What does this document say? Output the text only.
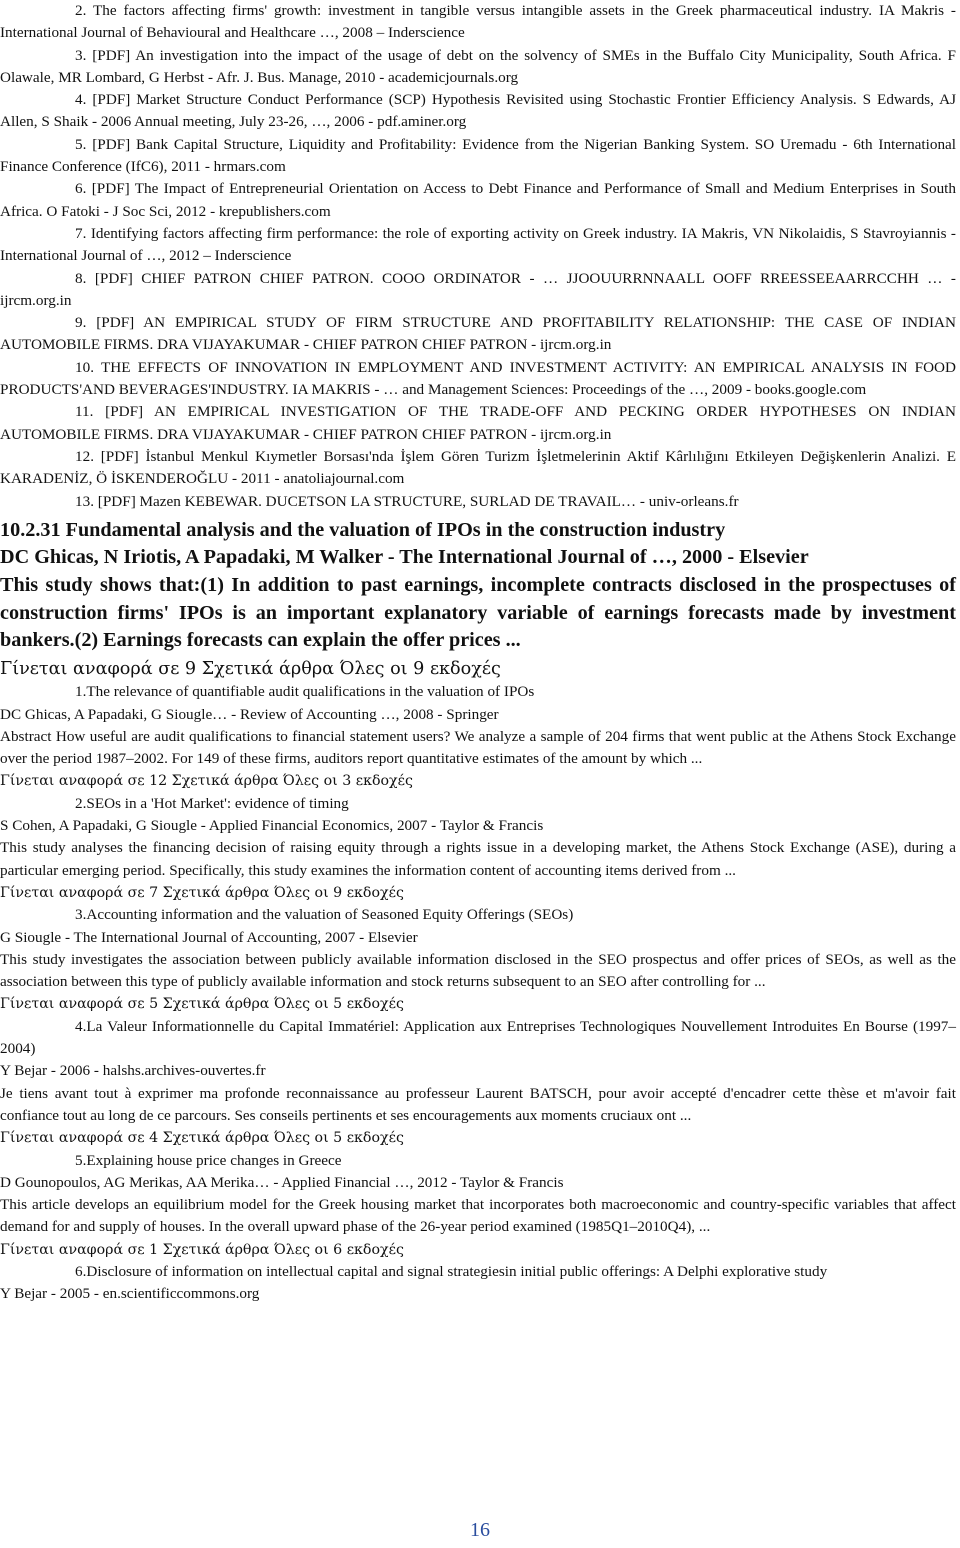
2. The factors affecting firms' growth: investment in tangible versus intangible assets in the Greek pharmaceutical industry. IA Makris - International Journal of Behavioural and Healthcare …, 2008 – Inderscience

3. [PDF] An investigation into the impact of the usage of debt on the solvency of SMEs in the Buffalo City Municipality, South Africa. F Olawale, MR Lombard, G Herbst - Afr. J. Bus. Manage, 2010 - academicjournals.org

4. [PDF] Market Structure Conduct Performance (SCP) Hypothesis Revisited using Stochastic Frontier Efficiency Analysis. S Edwards, AJ Allen, S Shaik - 2006 Annual meeting, July 23-26, …, 2006 - pdf.aminer.org

5. [PDF] Bank Capital Structure, Liquidity and Profitability: Evidence from the Nigerian Banking System. SO Uremadu - 6th International Finance Conference (IfC6), 2011 - hrmars.com

6. [PDF] The Impact of Entrepreneurial Orientation on Access to Debt Finance and Performance of Small and Medium Enterprises in South Africa. O Fatoki - J Soc Sci, 2012 - krepublishers.com

7. Identifying factors affecting firm performance: the role of exporting activity on Greek industry. IA Makris, VN Nikolaidis, S Stavroyiannis - International Journal of …, 2012 – Inderscience

8. [PDF] CHIEF PATRON CHIEF PATRON. COOO ORDINATOR - … JJOOUURRNNAALL OOFF RREESSEEAARRCCHH … - ijrcm.org.in

9. [PDF] AN EMPIRICAL STUDY OF FIRM STRUCTURE AND PROFITABILITY RELATIONSHIP: THE CASE OF INDIAN AUTOMOBILE FIRMS. DRA VIJAYAKUMAR - CHIEF PATRON CHIEF PATRON - ijrcm.org.in

10. THE EFFECTS OF INNOVATION IN EMPLOYMENT AND INVESTMENT ACTIVITY: AN EMPIRICAL ANALYSIS IN FOOD PRODUCTS'AND BEVERAGES'INDUSTRY. IA MAKRIS - … and Management Sciences: Proceedings of the …, 2009 - books.google.com

11. [PDF] AN EMPIRICAL INVESTIGATION OF THE TRADE-OFF AND PECKING ORDER HYPOTHESES ON INDIAN AUTOMOBILE FIRMS. DRA VIJAYAKUMAR - CHIEF PATRON CHIEF PATRON - ijrcm.org.in

12. [PDF] İstanbul Menkul Kıymetler Borsası'nda İşlem Gören Turizm İşletmelerinin Aktif Kârlılığını Etkileyen Değişkenlerin Analizi. E KARADENİZ, Ö İSKENDEROĞLU - 2011 - anatoliajournal.com

13. [PDF] Mazen KEBEWAR. DUCETSON LA STRUCTURE, SURLAD DE TRAVAIL… - univ-orleans.fr

10.2.31 Fundamental analysis and the valuation of IPOs in the construction industry
DC Ghicas, N Iriotis, A Papadaki, M Walker - The International Journal of …, 2000 - Elsevier
This study shows that:(1) In addition to past earnings, incomplete contracts disclosed in the prospectuses of construction firms' IPOs is an important explanatory variable of earnings forecasts made by investment bankers.(2) Earnings forecasts can explain the offer prices ...

Γίνεται αναφορά σε 9 Σχετικά άρθρα Όλες οι 9 εκδοχές

1.The relevance of quantifiable audit qualifications in the valuation of IPOs

DC Ghicas, A Papadaki, G Siougle… - Review of Accounting …, 2008 - Springer

Abstract How useful are audit qualifications to financial statement users? We analyze a sample of 204 firms that went public at the Athens Stock Exchange over the period 1987–2002. For 149 of these firms, auditors report quantitative estimates of the amount by which ...

Γίνεται αναφορά σε 12 Σχετικά άρθρα Όλες οι 3 εκδοχές

2.SEOs in a 'Hot Market': evidence of timing

S Cohen, A Papadaki, G Siougle - Applied Financial Economics, 2007 - Taylor & Francis

This study analyses the financing decision of raising equity through a rights issue in a developing market, the Athens Stock Exchange (ASE), during a particular emerging period. Specifically, this study examines the information content of accounting items derived from ...

Γίνεται αναφορά σε 7 Σχετικά άρθρα Όλες οι 9 εκδοχές

3.Accounting information and the valuation of Seasoned Equity Offerings (SEOs)

G Siougle - The International Journal of Accounting, 2007 - Elsevier

This study investigates the association between publicly available information disclosed in the SEO prospectus and offer prices of SEOs, as well as the association between this type of publicly available information and stock returns subsequent to an SEO after controlling for ...

Γίνεται αναφορά σε 5 Σχετικά άρθρα Όλες οι 5 εκδοχές

4.La Valeur Informationnelle du Capital Immatériel: Application aux Entreprises Technologiques Nouvellement Introduites En Bourse (1997–2004)

Y Bejar - 2006 - halshs.archives-ouvertes.fr

Je tiens avant tout à exprimer ma profonde reconnaissance au professeur Laurent BATSCH, pour avoir accepté d'encadrer cette thèse et m'avoir fait confiance tout au long de ce parcours. Ses conseils pertinents et ses encouragements aux moments cruciaux ont ...

Γίνεται αναφορά σε 4 Σχετικά άρθρα Όλες οι 5 εκδοχές

5.Explaining house price changes in Greece

D Gounopoulos, AG Merikas, AA Merika… - Applied Financial …, 2012 - Taylor & Francis

This article develops an equilibrium model for the Greek housing market that incorporates both macroeconomic and country-specific variables that affect demand for and supply of houses. In the overall upward phase of the 26-year period examined (1985Q1–2010Q4), ...

Γίνεται αναφορά σε 1 Σχετικά άρθρα Όλες οι 6 εκδοχές

6.Disclosure of information on intellectual capital and signal strategiesin initial public offerings: A Delphi explorative study

Y Bejar - 2005 - en.scientificcommons.org

16
